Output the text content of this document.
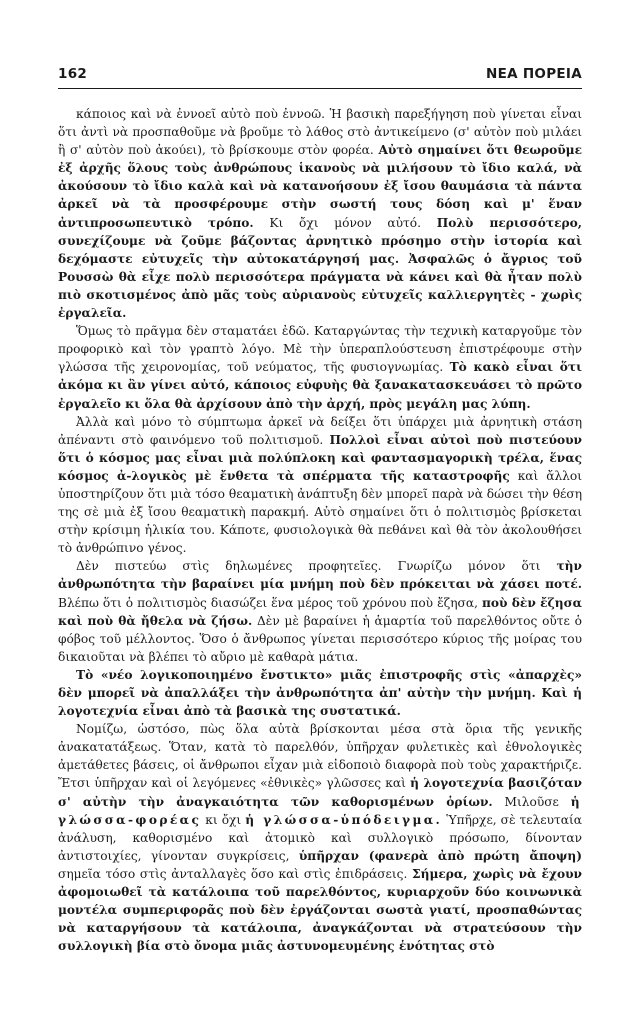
162	ΝΕΑ ΠΟΡΕΙΑ

κάποιος καὶ νὰ ἐννοεῖ αὐτὸ ποὺ ἐννοῶ. Ἡ βασικὴ παρεξήγηση ποὺ γίνεται εἶναι ὅτι ἀντὶ νὰ προσπαθοῦμε νὰ βροῦμε τὸ λάθος στὸ ἀντικείμενο (σ' αὐτὸν ποὺ μιλάει ἢ σ' αὐτὸν ποὺ ἀκούει), τὸ βρίσκουμε στὸν φορέα. Αὐτὸ σημαίνει ὅτι θεωροῦμε ἐξ ἀρχῆς ὅλους τοὺς ἀνθρώπους ἱκανοὺς νὰ μιλήσουν τὸ ἴδιο καλά, νὰ ἀκούσουν τὸ ἴδιο καλὰ καὶ νὰ κατανοήσουν ἐξ ἴσου θαυμάσια τὰ πάντα ἀρκεῖ νὰ τὰ προσφέρουμε στὴν σωστή τους δόση καὶ μ' ἕναν ἀντιπροσωπευτικὸ τρόπο. Κι ὄχι μόνον αὐτό. Πολὺ περισσότερο, συνεχίζουμε νὰ ζοῦμε βάζοντας ἀρνητικὸ πρόσημο στὴν ἱστορία καὶ δεχόμαστε εὐτυχεῖς τὴν αὐτοκατάργησή μας. Ἀσφαλῶς ὁ ἄγριος τοῦ Ρουσσὼ θὰ εἶχε πολὺ περισσότερα πράγματα νὰ κάνει καὶ θὰ ἦταν πολὺ πιὸ σκοτισμένος ἀπὸ μᾶς τοὺς αὐριανοὺς εὐτυχεῖς καλλιεργητὲς - χωρὶς ἐργαλεῖα.

Ὅμως τὸ πρᾶγμα δὲν σταματάει ἐδῶ. Καταργώντας τὴν τεχνικὴ καταργοῦμε τὸν προφορικὸ καὶ τὸν γραπτὸ λόγο. Μὲ τὴν ὑπεραπλούστευση ἐπιστρέφουμε στὴν γλώσσα τῆς χειρονομίας, τοῦ νεύματος, τῆς φυσιογνωμίας. Τὸ κακὸ εἶναι ὅτι ἀκόμα κι ἂν γίνει αὐτό, κάποιος εὐφυὴς θὰ ξανακατασκευάσει τὸ πρῶτο ἐργαλεῖο κι ὅλα θὰ ἀρχίσουν ἀπὸ τὴν ἀρχή, πρὸς μεγάλη μας λύπη.

Ἀλλὰ καὶ μόνο τὸ σύμπτωμα ἀρκεῖ νὰ δείξει ὅτι ὑπάρχει μιὰ ἀρνητικὴ στάση ἀπέναντι στὸ φαινόμενο τοῦ πολιτισμοῦ. Πολλοὶ εἶναι αὐτοὶ ποὺ πιστεύουν ὅτι ὁ κόσμος μας εἶναι μιὰ πολύπλοκη καὶ φαντασμαγορικὴ τρέλα, ἕνας κόσμος ἀ-λογικὸς μὲ ἔνθετα τὰ σπέρματα τῆς καταστροφῆς καὶ ἄλλοι ὑποστηρίζουν ὅτι μιὰ τόσο θεαματικὴ ἀνάπτυξη δὲν μπορεῖ παρὰ νὰ δώσει τὴν θέση της σὲ μιὰ ἐξ ἴσου θεαματικὴ παρακμή. Αὐτὸ σημαίνει ὅτι ὁ πολιτισμὸς βρίσκεται στὴν κρίσιμη ἡλικία του. Κάποτε, φυσιολογικὰ θὰ πεθάνει καὶ θὰ τὸν ἀκολουθήσει τὸ ἀνθρώπινο γένος.

Δὲν πιστεύω στὶς δηλωμένες προφητεῖες. Γνωρίζω μόνον ὅτι τὴν ἀνθρωπότητα τὴν βαραίνει μία μνήμη ποὺ δὲν πρόκειται νὰ χάσει ποτέ. Βλέπω ὅτι ὁ πολιτισμὸς διασώζει ἕνα μέρος τοῦ χρόνου ποὺ ἔζησα, ποὺ δὲν ἔζησα καὶ ποὺ θὰ ἤθελα νὰ ζήσω. Δὲν μὲ βαραίνει ἡ ἁμαρτία τοῦ παρελθόντος οὔτε ὁ φόβος τοῦ μέλλοντος. Ὅσο ὁ ἄνθρωπος γίνεται περισσότερο κύριος τῆς μοίρας του δικαιοῦται νὰ βλέπει τὸ αὔριο μὲ καθαρὰ μάτια.

Τὸ «νέο λογικοποιημένο ἔνστικτο» μιᾶς ἐπιστροφῆς στὶς «ἀπαρχὲς» δὲν μπορεῖ νὰ ἀπαλλάξει τὴν ἀνθρωπότητα ἀπ' αὐτὴν τὴν μνήμη. Καὶ ἡ λογοτεχνία εἶναι ἀπὸ τὰ βασικὰ της συστατικά.

Νομίζω, ὡστόσο, πὼς ὅλα αὐτὰ βρίσκονται μέσα στὰ ὅρια τῆς γενικῆς ἀνακατατάξεως. Ὅταν, κατὰ τὸ παρελθόν, ὑπῆρχαν φυλετικὲς καὶ ἐθνολογικὲς ἀμετάθετες βάσεις, οἱ ἄνθρωποι εἶχαν μιὰ εἰδοποιὸ διαφορὰ ποὺ τοὺς χαρακτήριζε. Ἔτσι ὑπῆρχαν καὶ οἱ λεγόμενες «ἐθνικὲς» γλῶσσες καὶ ἡ λογοτεχνία βασιζόταν σ' αὐτὴν τὴν ἀναγκαιότητα τῶν καθορισμένων ὁρίων. Μιλοῦσε ἡ γλώσσα-φορέας κι ὄχι ἡ γλώσσα-ὑπόδειγμα. Ὑπῆρχε, σὲ τελευταία ἀνάλυση, καθορισμένο καὶ ἀτομικὸ καὶ συλλογικὸ πρόσωπο, δίνονταν ἀντιστοιχίες, γίνονταν συγκρίσεις, ὑπῆρχαν (φανερὰ ἀπὸ πρώτη ἄποψη) σημεῖα τόσο στὶς ἀνταλλαγὲς ὅσο καὶ στὶς ἐπιδράσεις. Σήμερα, χωρὶς νὰ ἔχουν ἀφομοιωθεῖ τὰ κατάλοιπα τοῦ παρελθόντος, κυριαρχοῦν δύο κοινωνικὰ μοντέλα συμπεριφορᾶς ποὺ δὲν ἐργάζονται σωστὰ γιατί, προσπαθώντας νὰ καταργήσουν τὰ κατάλοιπα, ἀναγκάζονται νὰ στρατεύσουν τὴν συλλογικὴ βία στὸ ὄνομα μιᾶς ἀστυνομευμένης ἑνότητας στὸ
